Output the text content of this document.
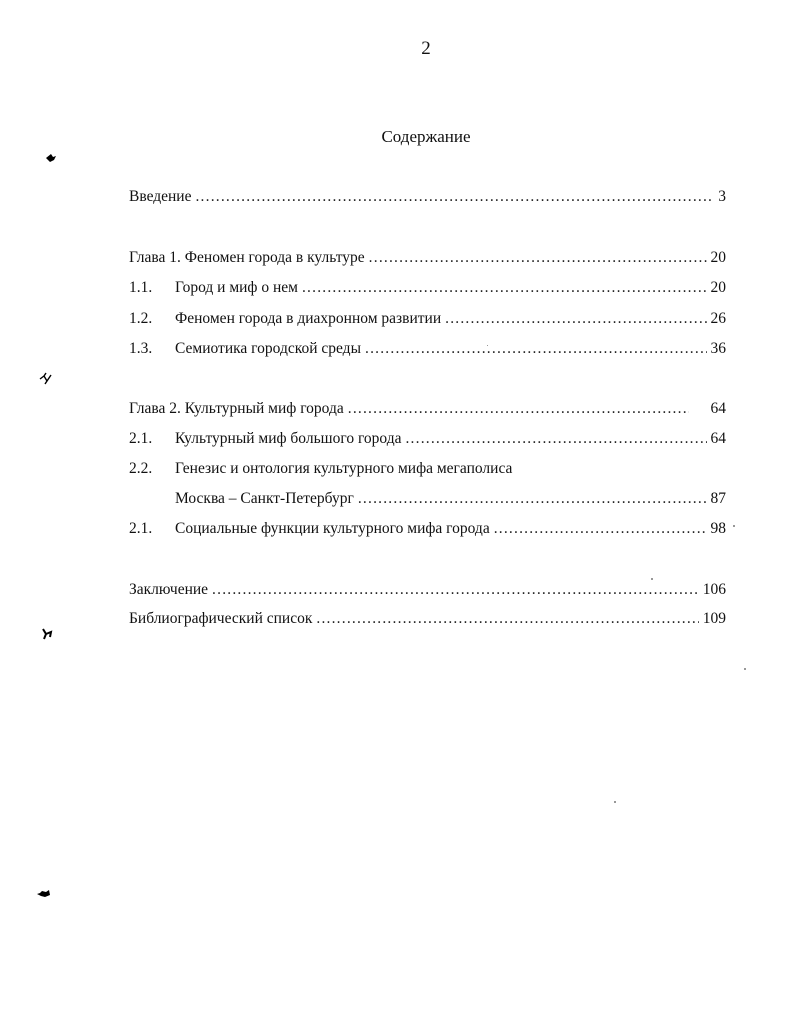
2
Содержание
Введение .....	3
Глава 1. Феномен города в культуре .....	20
1.1.	Город и миф о нем .....	20
1.2.	Феномен города в диахронном развитии .....	26
1.3.	Семиотика городской среды .....	36
Глава 2. Культурный миф города .....	64
2.1.	Культурный миф большого города .....	64
2.2.	Генезис и онтология культурного мифа мегаполиса
Москва – Санкт-Петербург .....	87
2.1.	Социальные функции культурного мифа города .....	98
Заключение .....	106
Библиографический список .....	109
